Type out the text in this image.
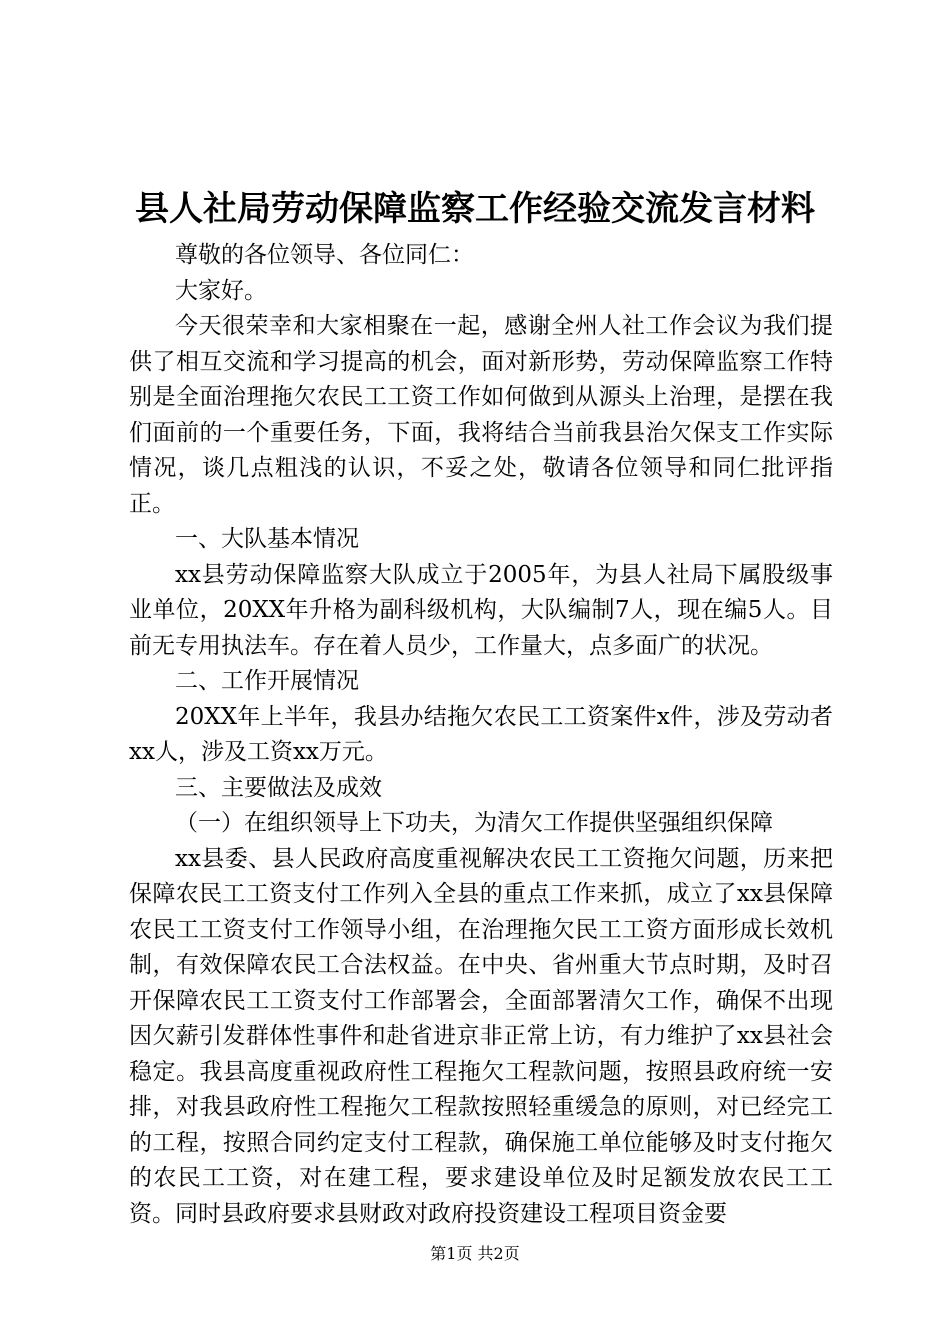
县人社局劳动保障监察工作经验交流发言材料

尊敬的各位领导、各位同仁：

大家好。

今天很荣幸和大家相聚在一起，感谢全州人社工作会议为我们提供了相互交流和学习提高的机会，面对新形势，劳动保障监察工作特别是全面治理拖欠农民工工资工作如何做到从源头上治理，是摆在我们面前的一个重要任务，下面，我将结合当前我县治欠保支工作实际情况，谈几点粗浅的认识，不妥之处，敬请各位领导和同仁批评指正。

一、大队基本情况

xx县劳动保障监察大队成立于2005年，为县人社局下属股级事业单位，20XX年升格为副科级机构，大队编制7人，现在编5人。目前无专用执法车。存在着人员少，工作量大，点多面广的状况。

二、工作开展情况

20XX年上半年，我县办结拖欠农民工工资案件x件，涉及劳动者xx人，涉及工资xx万元。

三、主要做法及成效

（一）在组织领导上下功夫，为清欠工作提供坚强组织保障

xx县委、县人民政府高度重视解决农民工工资拖欠问题，历来把保障农民工工资支付工作列入全县的重点工作来抓，成立了xx县保障农民工工资支付工作领导小组，在治理拖欠民工工资方面形成长效机制，有效保障农民工合法权益。在中央、省州重大节点时期，及时召开保障农民工工资支付工作部署会，全面部署清欠工作，确保不出现因欠薪引发群体性事件和赴省进京非正常上访，有力维护了xx县社会稳定。我县高度重视政府性工程拖欠工程款问题，按照县政府统一安排，对我县政府性工程拖欠工程款按照轻重缓急的原则，对已经完工的工程，按照合同约定支付工程款，确保施工单位能够及时支付拖欠的农民工工资，对在建工程，要求建设单位及时足额发放农民工工资。同时县政府要求县财政对政府投资建设工程项目资金要

第1页 共2页
